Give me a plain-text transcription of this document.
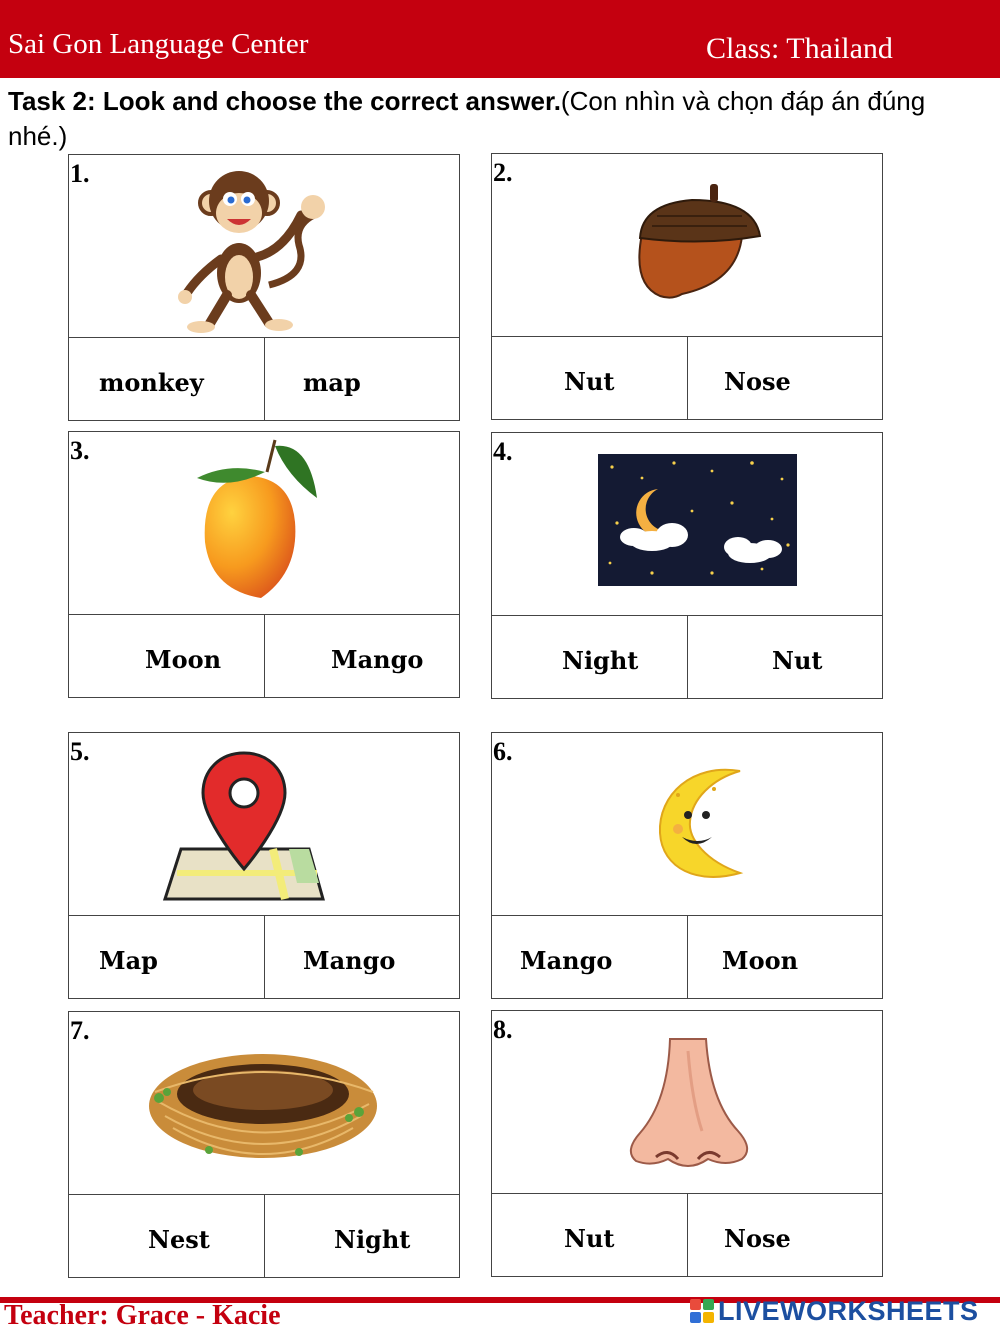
Sai Gon Language Center	Class: Thailand
Task 2: Look and choose the correct answer.(Con nhìn và chọn đáp án đúng nhé.)
1.
monkey	map
2.
Nut	Nose
3.
Moon	Mango
4.
Night	Nut
5.
Map	Mango
6.
Mango	Moon
7.
Nest	Night
8.
Nut	Nose
Teacher: Grace - Kacie	LIVEWORKSHEETS
